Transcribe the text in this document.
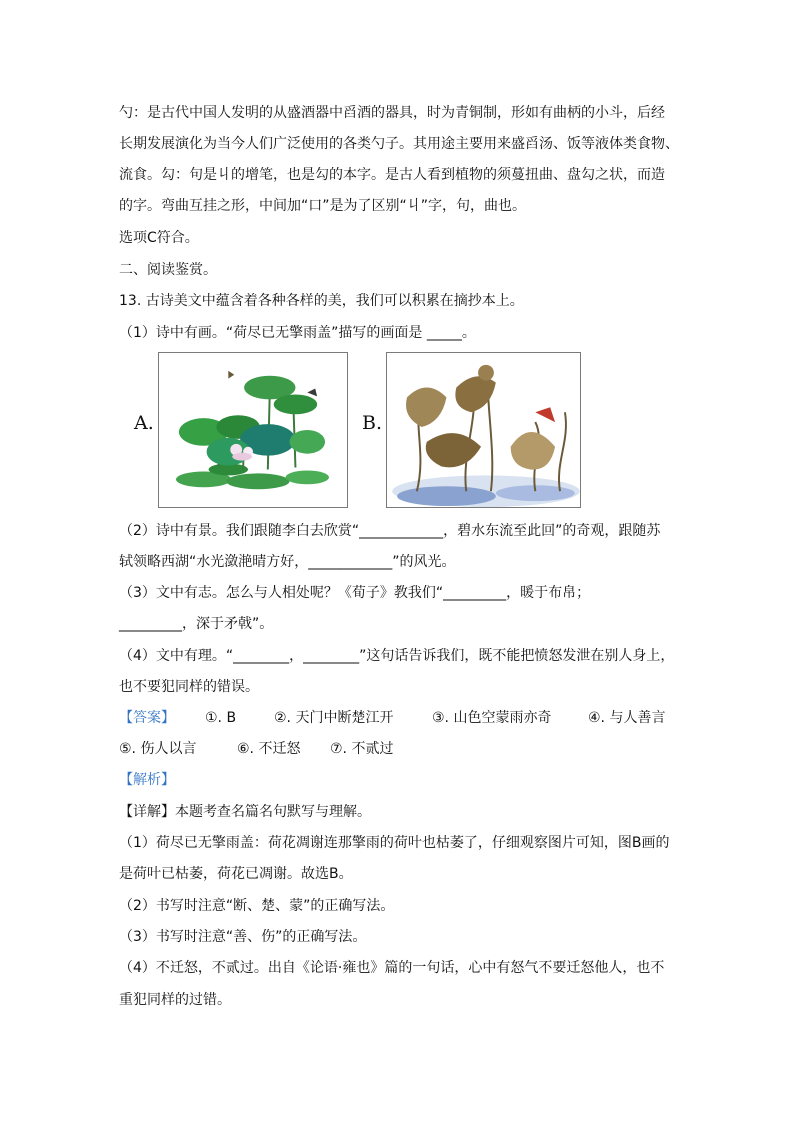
勺：是古代中国人发明的从盛酒器中舀酒的器具，时为青铜制，形如有曲柄的小斗，后经
长期发展演化为当今人们广泛使用的各类勺子。其用途主要用来盛舀汤、饭等液体类食物、
流食。勾：句是丩的增笔，也是勾的本字。是古人看到植物的须蔓扭曲、盘勾之状，而造
的字。弯曲互挂之形，中间加“口”是为了区别“丩”字，句，曲也。
选项C符合。
二、阅读鉴赏。
13. 古诗美文中蕴含着各种各样的美，我们可以积累在摘抄本上。
（1）诗中有画。“荷尽已无擎雨盖”描写的画面是 _____。
A.	B.
（2）诗中有景。我们跟随李白去欣赏“____________，碧水东流至此回”的奇观，跟随苏
轼领略西湖“水光潋滟晴方好，____________”的风光。
（3）文中有志。怎么与人相处呢？《荀子》教我们“_________，暖于布帛；
_________，深于矛戟”。
（4）文中有理。“________，________”这句话告诉我们，既不能把愤怒发泄在别人身上，
也不要犯同样的错误。
【答案】 ①. B	②. 天门中断楚江开	③. 山色空蒙雨亦奇	④. 与人善言
⑤. 伤人以言	⑥. 不迁怒 ⑦. 不贰过
【解析】
【详解】本题考查名篇名句默写与理解。
（1）荷尽已无擎雨盖：荷花凋谢连那擎雨的荷叶也枯萎了，仔细观察图片可知，图B画的
是荷叶已枯萎，荷花已凋谢。故选B。
（2）书写时注意“断、楚、蒙”的正确写法。
（3）书写时注意“善、伤”的正确写法。
（4）不迁怒，不贰过。出自《论语·雍也》篇的一句话，心中有怒气不要迁怒他人，也不
重犯同样的过错。
